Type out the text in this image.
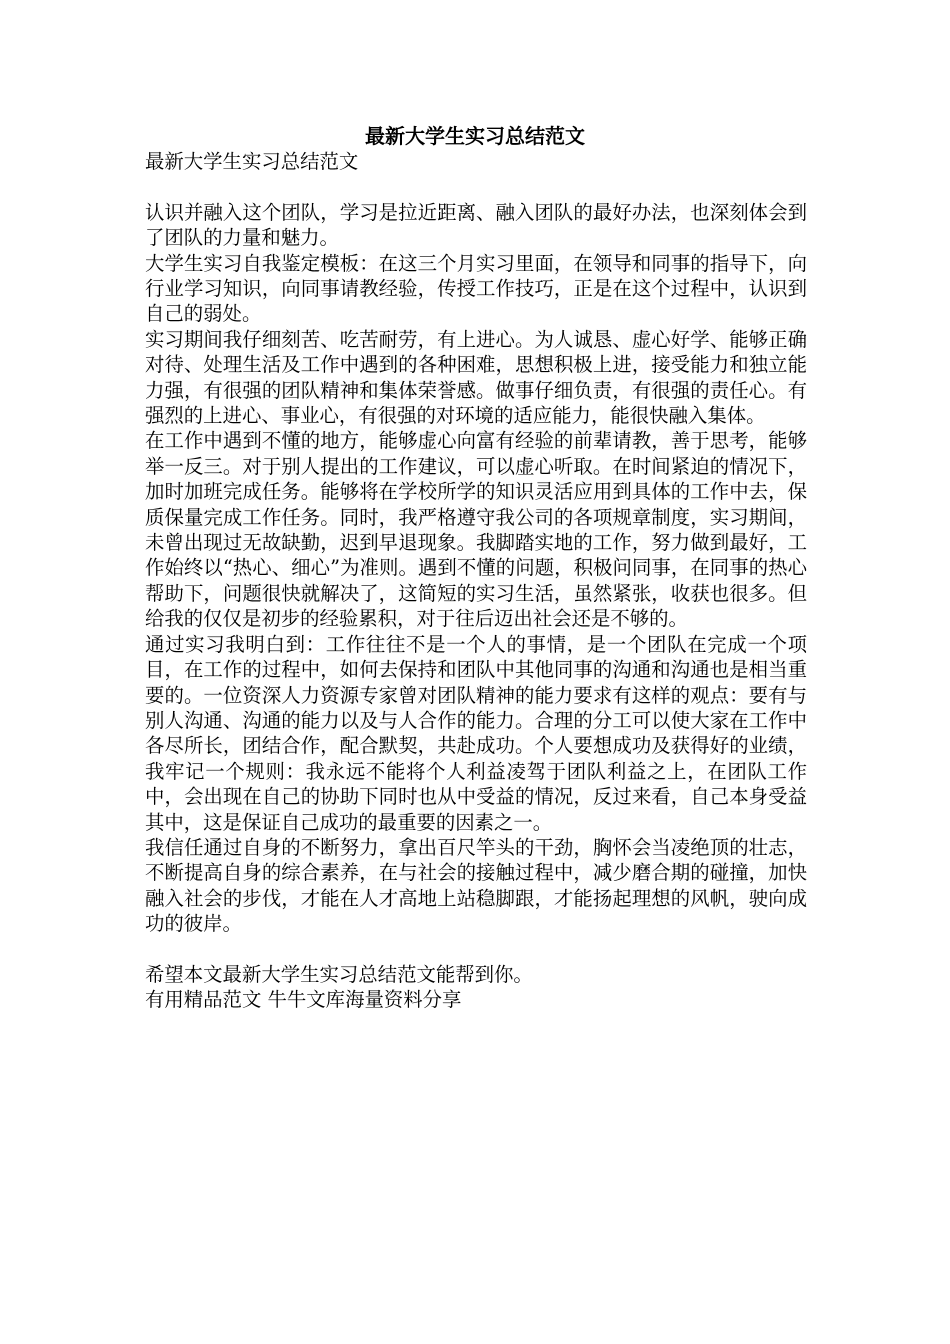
最新大学生实习总结范文

最新大学生实习总结范文

认识并融入这个团队，学习是拉近距离、融入团队的最好办法，也深刻体会到了团队的力量和魅力。

大学生实习自我鉴定模板：在这三个月实习里面，在领导和同事的指导下，向行业学习知识，向同事请教经验，传授工作技巧，正是在这个过程中，认识到自己的弱处。

实习期间我仔细刻苦、吃苦耐劳，有上进心。为人诚恳、虚心好学、能够正确对待、处理生活及工作中遇到的各种困难，思想积极上进，接受能力和独立能力强，有很强的团队精神和集体荣誉感。做事仔细负责，有很强的责任心。有强烈的上进心、事业心，有很强的对环境的适应能力，能很快融入集体。

在工作中遇到不懂的地方，能够虚心向富有经验的前辈请教，善于思考，能够举一反三。对于别人提出的工作建议，可以虚心听取。在时间紧迫的情况下，加时加班完成任务。能够将在学校所学的知识灵活应用到具体的工作中去，保质保量完成工作任务。同时，我严格遵守我公司的各项规章制度，实习期间，未曾出现过无故缺勤，迟到早退现象。我脚踏实地的工作，努力做到最好，工作始终以“热心、细心”为准则。遇到不懂的问题，积极问同事，在同事的热心帮助下，问题很快就解决了，这简短的实习生活，虽然紧张，收获也很多。但给我的仅仅是初步的经验累积，对于往后迈出社会还是不够的。

通过实习我明白到：工作往往不是一个人的事情，是一个团队在完成一个项目，在工作的过程中，如何去保持和团队中其他同事的沟通和沟通也是相当重要的。一位资深人力资源专家曾对团队精神的能力要求有这样的观点：要有与别人沟通、沟通的能力以及与人合作的能力。合理的分工可以使大家在工作中各尽所长，团结合作，配合默契，共赴成功。个人要想成功及获得好的业绩，我牢记一个规则：我永远不能将个人利益凌驾于团队利益之上，在团队工作中，会出现在自己的协助下同时也从中受益的情况，反过来看，自己本身受益其中，这是保证自己成功的最重要的因素之一。

我信任通过自身的不断努力，拿出百尺竿头的干劲，胸怀会当凌绝顶的壮志，不断提高自身的综合素养，在与社会的接触过程中，减少磨合期的碰撞，加快融入社会的步伐，才能在人才高地上站稳脚跟，才能扬起理想的风帆，驶向成功的彼岸。

希望本文最新大学生实习总结范文能帮到你。

有用精品范文 牛牛文库海量资料分享
